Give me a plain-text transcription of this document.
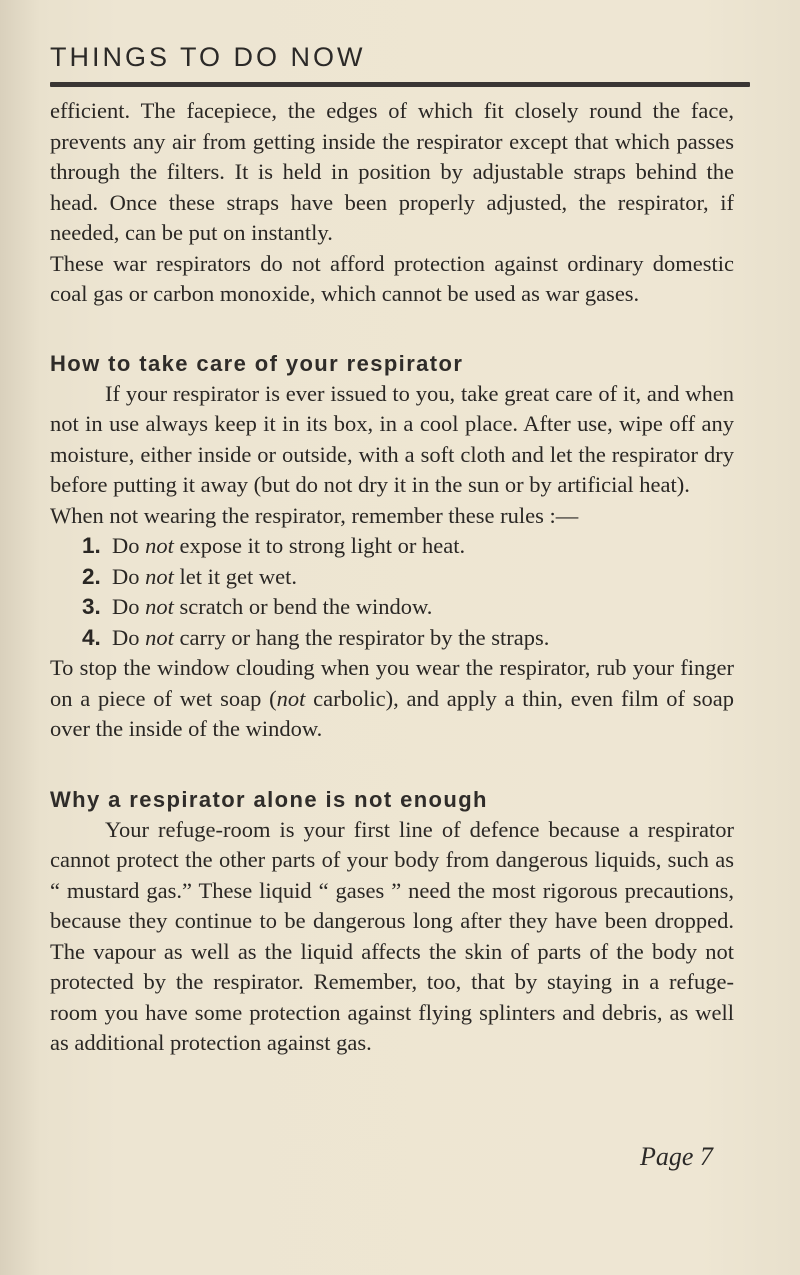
THINGS TO DO NOW

efficient. The facepiece, the edges of which fit closely round the face, prevents any air from getting inside the respirator except that which passes through the filters. It is held in position by adjustable straps behind the head. Once these straps have been properly adjusted, the respirator, if needed, can be put on instantly.

These war respirators do not afford protection against ordinary domestic coal gas or carbon monoxide, which cannot be used as war gases.

How to take care of your respirator

If your respirator is ever issued to you, take great care of it, and when not in use always keep it in its box, in a cool place. After use, wipe off any moisture, either inside or outside, with a soft cloth and let the respirator dry before putting it away (but do not dry it in the sun or by artificial heat).

When not wearing the respirator, remember these rules :—

1. Do not expose it to strong light or heat.
2. Do not let it get wet.
3. Do not scratch or bend the window.
4. Do not carry or hang the respirator by the straps.

To stop the window clouding when you wear the respirator, rub your finger on a piece of wet soap (not carbolic), and apply a thin, even film of soap over the inside of the window.

Why a respirator alone is not enough

Your refuge-room is your first line of defence because a respirator cannot protect the other parts of your body from dangerous liquids, such as “ mustard gas.” These liquid “ gases ” need the most rigorous precautions, because they continue to be dangerous long after they have been dropped. The vapour as well as the liquid affects the skin of parts of the body not protected by the respirator. Remember, too, that by staying in a refuge-room you have some protection against flying splinters and debris, as well as additional protection against gas.

Page 7
